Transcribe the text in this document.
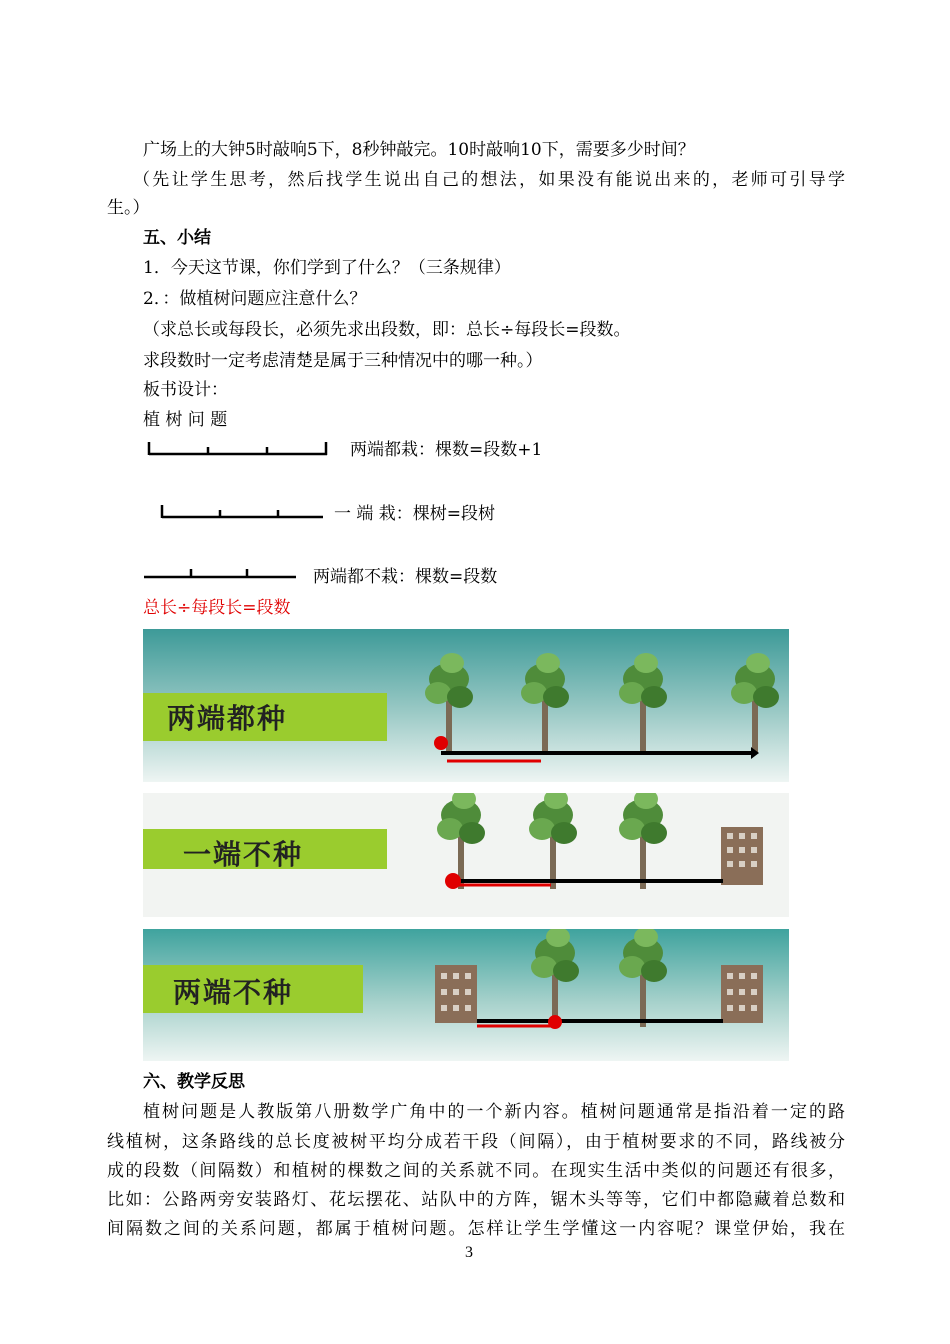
广场上的大钟5时敲响5下，8秒钟敲完。10时敲响10下，需要多少时间？
（先让学生思考，然后找学生说出自己的想法，如果没有能说出来的，老师可引导学
生。）
五、小结
1．今天这节课，你们学到了什么？（三条规律）
2．：做植树问题应注意什么？
（求总长或每段长，必须先求出段数，即：总长÷每段长=段数。
求段数时一定考虑清楚是属于三种情况中的哪一种。）
板书设计：
植 树 问 题
两端都栽：棵数=段数+1
一 端 栽：棵树=段树
两端都不栽：棵数=段数
总长÷每段长=段数
两端都种
一端不种
两端不种
六、教学反思
植树问题是人教版第八册数学广角中的一个新内容。植树问题通常是指沿着一定的路
线植树，这条路线的总长度被树平均分成若干段（间隔），由于植树要求的不同，路线被分
成的段数（间隔数）和植树的棵数之间的关系就不同。在现实生活中类似的问题还有很多，
比如：公路两旁安装路灯、花坛摆花、站队中的方阵，锯木头等等，它们中都隐藏着总数和
间隔数之间的关系问题，都属于植树问题。怎样让学生学懂这一内容呢？课堂伊始，我在
3
